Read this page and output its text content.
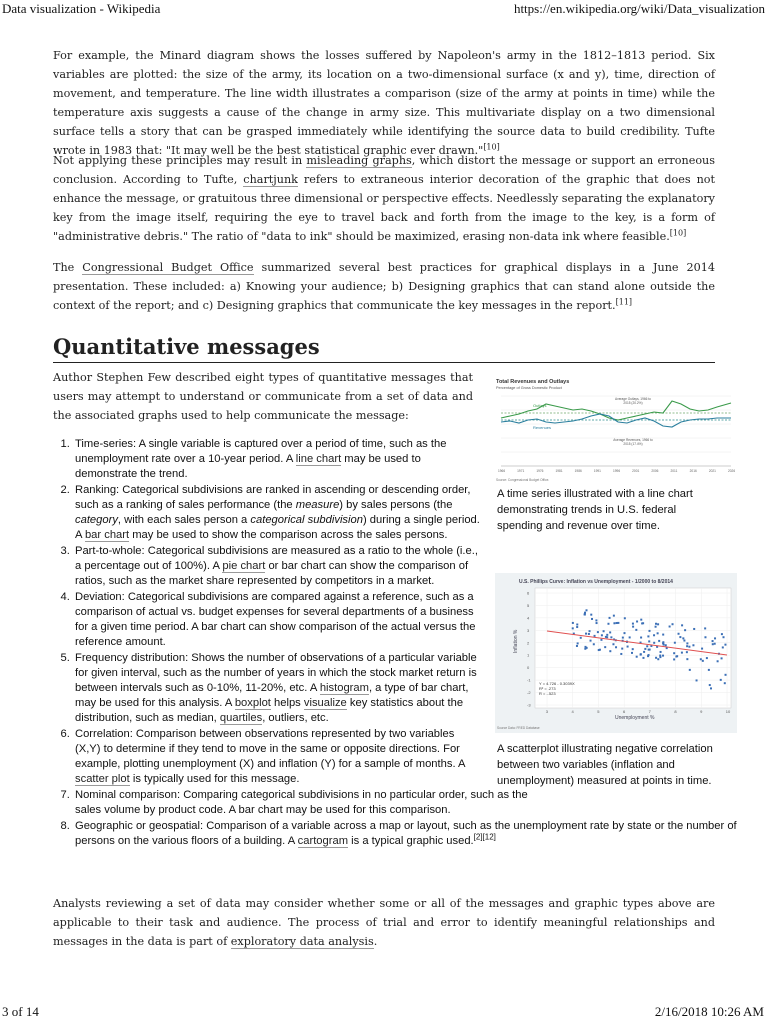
Data visualization - Wikipedia	https://en.wikipedia.org/wiki/Data_visualization

For example, the Minard diagram shows the losses suffered by Napoleon's army in the 1812–1813 period. Six variables are plotted: the size of the army, its location on a two-dimensional surface (x and y), time, direction of movement, and temperature. The line width illustrates a comparison (size of the army at points in time) while the temperature axis suggests a cause of the change in army size. This multivariate display on a two dimensional surface tells a story that can be grasped immediately while identifying the source data to build credibility. Tufte wrote in 1983 that: "It may well be the best statistical graphic ever drawn."[10]

Not applying these principles may result in misleading graphs, which distort the message or support an erroneous conclusion. According to Tufte, chartjunk refers to extraneous interior decoration of the graphic that does not enhance the message, or gratuitous three dimensional or perspective effects. Needlessly separating the explanatory key from the image itself, requiring the eye to travel back and forth from the image to the key, is a form of "administrative debris." The ratio of "data to ink" should be maximized, erasing non-data ink where feasible.[10]

The Congressional Budget Office summarized several best practices for graphical displays in a June 2014 presentation. These included: a) Knowing your audience; b) Designing graphics that can stand alone outside the context of the report; and c) Designing graphics that communicate the key messages in the report.[11]

Quantitative messages

Author Stephen Few described eight types of quantitative messages that users may attempt to understand or communicate from a set of data and the associated graphs used to help communicate the message:

1. Time-series: A single variable is captured over a period of time, such as the unemployment rate over a 10-year period. A line chart may be used to demonstrate the trend.
2. Ranking: Categorical subdivisions are ranked in ascending or descending order, such as a ranking of sales performance (the measure) by sales persons (the category, with each sales person a categorical subdivision) during a single period. A bar chart may be used to show the comparison across the sales persons.
3. Part-to-whole: Categorical subdivisions are measured as a ratio to the whole (i.e., a percentage out of 100%). A pie chart or bar chart can show the comparison of ratios, such as the market share represented by competitors in a market.
4. Deviation: Categorical subdivisions are compared against a reference, such as a comparison of actual vs. budget expenses for several departments of a business for a given time period. A bar chart can show comparison of the actual versus the reference amount.
5. Frequency distribution: Shows the number of observations of a particular variable for given interval, such as the number of years in which the stock market return is between intervals such as 0-10%, 11-20%, etc. A histogram, a type of bar chart, may be used for this analysis. A boxplot helps visualize key statistics about the distribution, such as median, quartiles, outliers, etc.
6. Correlation: Comparison between observations represented by two variables (X,Y) to determine if they tend to move in the same or opposite directions. For example, plotting unemployment (X) and inflation (Y) for a sample of months. A scatter plot is typically used for this message.
7. Nominal comparison: Comparing categorical subdivisions in no particular order, such as the sales volume by product code. A bar chart may be used for this comparison.
8. Geographic or geospatial: Comparison of a variable across a map or layout, such as the unemployment rate by state or the number of persons on the various floors of a building. A cartogram is a typical graphic used.[2][12]
Total Revenues and Outlays
Percentage of Gross Domestic Product
Outlays
Revenues
Average Outlays, 1966 to 2015 (20.2%)
Average Revenues, 1966 to 2015 (17.4%)
1966	1971	1976	1981	1986	1991	1996	2001	2006	2011	2016	2021	2026
Source: Congressional Budget Office.

A time series illustrated with a line chart demonstrating trends in U.S. federal spending and revenue over time.

U.S. Phillips Curve: Inflation vs Unemployment - 1/2000 to 8/2014
6
5
4
3
2
1
0
-1
-2
-3
3	4	5	6	7	8	9	10
Inflation %
Unemployment %
Y = 4.726 - 0.3039X
R² = .273
R = -.523
Source Data: FRED Database

A scatterplot illustrating negative correlation between two variables (inflation and unemployment) measured at points in time.

Analysts reviewing a set of data may consider whether some or all of the messages and graphic types above are applicable to their task and audience. The process of trial and error to identify meaningful relationships and messages in the data is part of exploratory data analysis.

3 of 14	2/16/2018 10:26 AM
